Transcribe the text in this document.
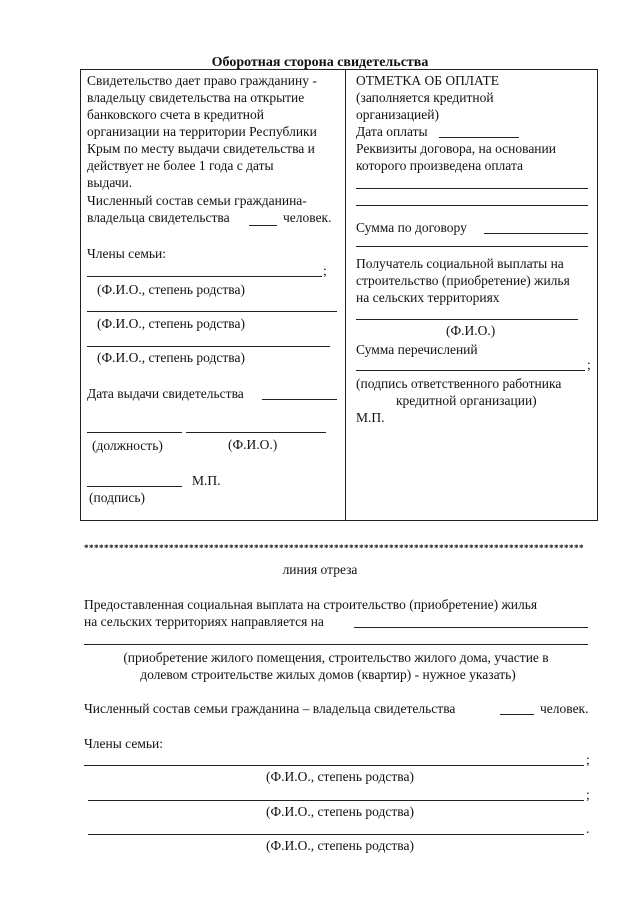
Оборотная сторона свидетельства
Свидетельство дает право гражданину -
владельцу свидетельства на открытие
банковского счета в кредитной
организации на территории Республики
Крым по месту выдачи свидетельства и
действует не более 1 года с даты
выдачи.
Численный состав семьи гражданина-
владельца свидетельства	человек.
Члены семьи:
;
(Ф.И.О., степень родства)
(Ф.И.О., степень родства)
(Ф.И.О., степень родства)
Дата выдачи свидетельства
(должность)	(Ф.И.О.)
М.П.
(подпись)
ОТМЕТКА ОБ ОПЛАТЕ
(заполняется кредитной
организацией)
Дата оплаты
Реквизиты договора, на основании
которого произведена оплата
Сумма по договору
Получатель социальной выплаты на
строительство (приобретение) жилья
на сельских территориях
(Ф.И.О.)
Сумма перечислений
;
(подпись ответственного работника
кредитной организации)
М.П.
****************************************************************************************************
линия отреза
Предоставленная социальная выплата на строительство (приобретение) жилья
на сельских территориях направляется на
(приобретение жилого помещения, строительство жилого дома, участие в
долевом строительстве жилых домов (квартир) - нужное указать)
Численный состав семьи гражданина – владельца свидетельства	человек.
Члены семьи:
;
(Ф.И.О., степень родства)
;
(Ф.И.О., степень родства)
.
(Ф.И.О., степень родства)
